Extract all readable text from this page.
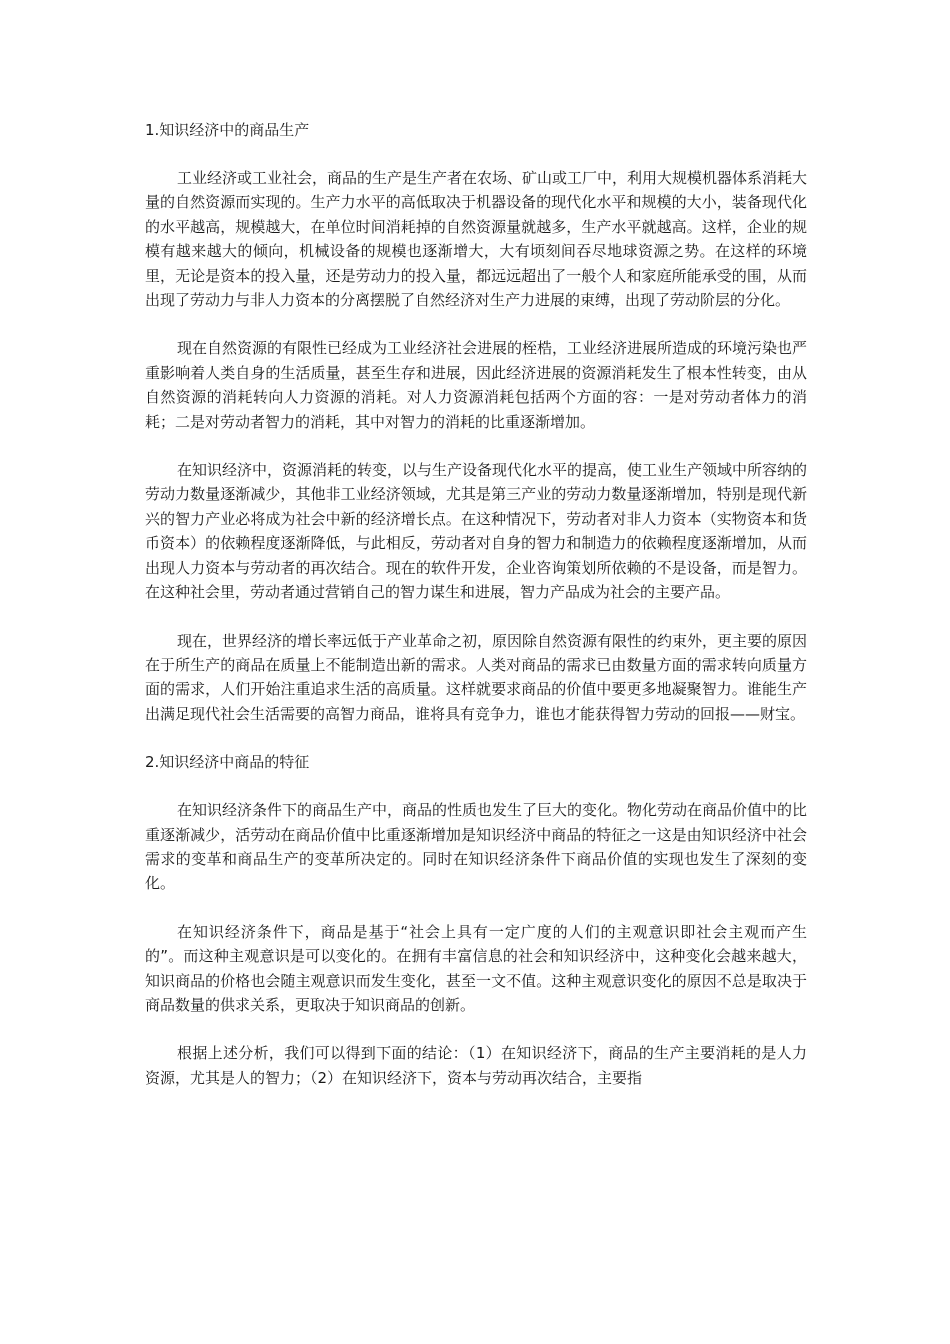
1.知识经济中的商品生产

工业经济或工业社会，商品的生产是生产者在农场、矿山或工厂中，利用大规模机器体系消耗大量的自然资源而实现的。生产力水平的高低取决于机器设备的现代化水平和规模的大小，装备现代化的水平越高，规模越大，在单位时间消耗掉的自然资源量就越多，生产水平就越高。这样，企业的规模有越来越大的倾向，机械设备的规模也逐渐增大，大有顷刻间吞尽地球资源之势。在这样的环境里，无论是资本的投入量，还是劳动力的投入量，都远远超出了一般个人和家庭所能承受的围，从而出现了劳动力与非人力资本的分离摆脱了自然经济对生产力进展的束缚，出现了劳动阶层的分化。

现在自然资源的有限性已经成为工业经济社会进展的桎梏，工业经济进展所造成的环境污染也严重影响着人类自身的生活质量，甚至生存和进展，因此经济进展的资源消耗发生了根本性转变，由从自然资源的消耗转向人力资源的消耗。对人力资源消耗包括两个方面的容：一是对劳动者体力的消耗；二是对劳动者智力的消耗，其中对智力的消耗的比重逐渐增加。

在知识经济中，资源消耗的转变，以与生产设备现代化水平的提高，使工业生产领域中所容纳的劳动力数量逐渐减少，其他非工业经济领域，尤其是第三产业的劳动力数量逐渐增加，特别是现代新兴的智力产业必将成为社会中新的经济增长点。在这种情况下，劳动者对非人力资本（实物资本和货币资本）的依赖程度逐渐降低，与此相反，劳动者对自身的智力和制造力的依赖程度逐渐增加，从而出现人力资本与劳动者的再次结合。现在的软件开发，企业咨询策划所依赖的不是设备，而是智力。在这种社会里，劳动者通过营销自己的智力谋生和进展，智力产品成为社会的主要产品。

现在，世界经济的增长率远低于产业革命之初，原因除自然资源有限性的约束外，更主要的原因在于所生产的商品在质量上不能制造出新的需求。人类对商品的需求已由数量方面的需求转向质量方面的需求，人们开始注重追求生活的高质量。这样就要求商品的价值中要更多地凝聚智力。谁能生产出满足现代社会生活需要的高智力商品，谁将具有竞争力，谁也才能获得智力劳动的回报——财宝。

2.知识经济中商品的特征

在知识经济条件下的商品生产中，商品的性质也发生了巨大的变化。物化劳动在商品价值中的比重逐渐减少，活劳动在商品价值中比重逐渐增加是知识经济中商品的特征之一这是由知识经济中社会需求的变革和商品生产的变革所决定的。同时在知识经济条件下商品价值的实现也发生了深刻的变化。

在知识经济条件下，商品是基于“社会上具有一定广度的人们的主观意识即社会主观而产生的”。而这种主观意识是可以变化的。在拥有丰富信息的社会和知识经济中，这种变化会越来越大，知识商品的价格也会随主观意识而发生变化，甚至一文不值。这种主观意识变化的原因不总是取决于商品数量的供求关系，更取决于知识商品的创新。

根据上述分析，我们可以得到下面的结论：（1）在知识经济下，商品的生产主要消耗的是人力资源，尤其是人的智力；（2）在知识经济下，资本与劳动再次结合，主要指
